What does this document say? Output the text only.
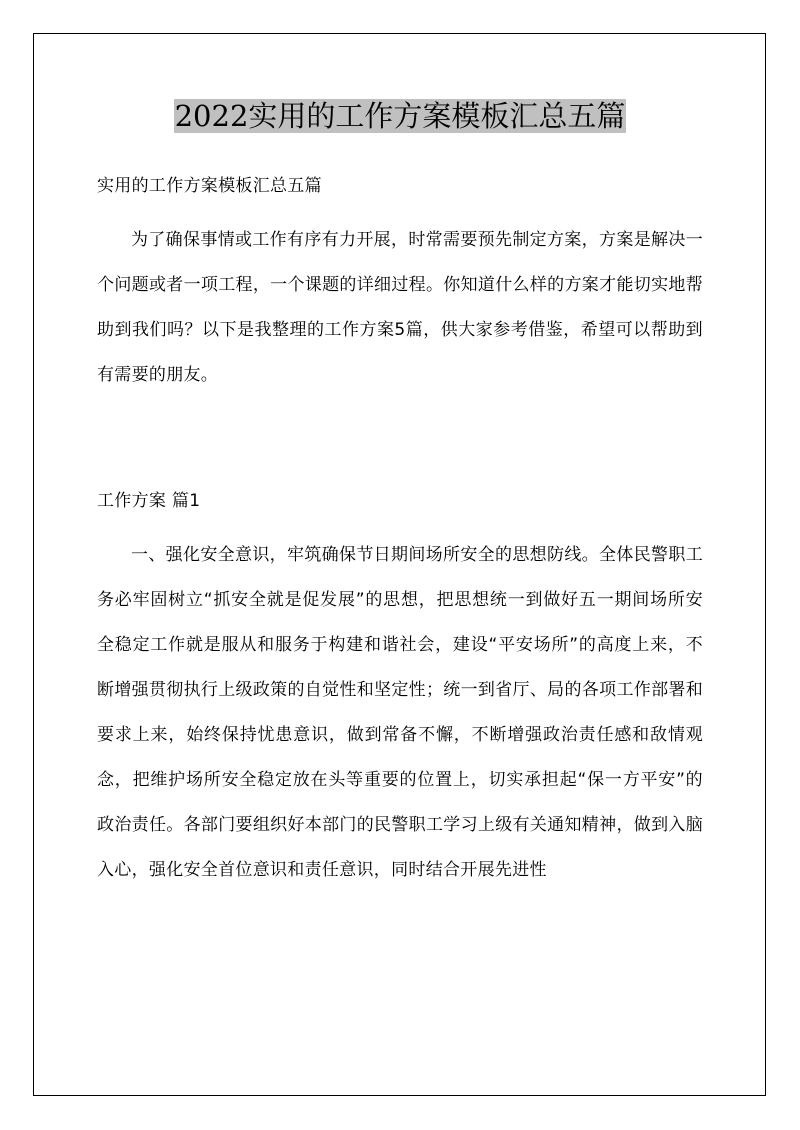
2022实用的工作方案模板汇总五篇
实用的工作方案模板汇总五篇

为了确保事情或工作有序有力开展，时常需要预先制定方案，方案是解决一个问题或者一项工程，一个课题的详细过程。你知道什么样的方案才能切实地帮助到我们吗？以下是我整理的工作方案5篇，供大家参考借鉴，希望可以帮助到有需要的朋友。

工作方案 篇1

一、强化安全意识，牢筑确保节日期间场所安全的思想防线。全体民警职工务必牢固树立“抓安全就是促发展”的思想，把思想统一到做好五一期间场所安全稳定工作就是服从和服务于构建和谐社会，建设“平安场所”的高度上来，不断增强贯彻执行上级政策的自觉性和坚定性；统一到省厅、局的各项工作部署和要求上来，始终保持忧患意识，做到常备不懈，不断增强政治责任感和敌情观念，把维护场所安全稳定放在头等重要的位置上，切实承担起“保一方平安”的政治责任。各部门要组织好本部门的民警职工学习上级有关通知精神，做到入脑入心，强化安全首位意识和责任意识，同时结合开展先进性
